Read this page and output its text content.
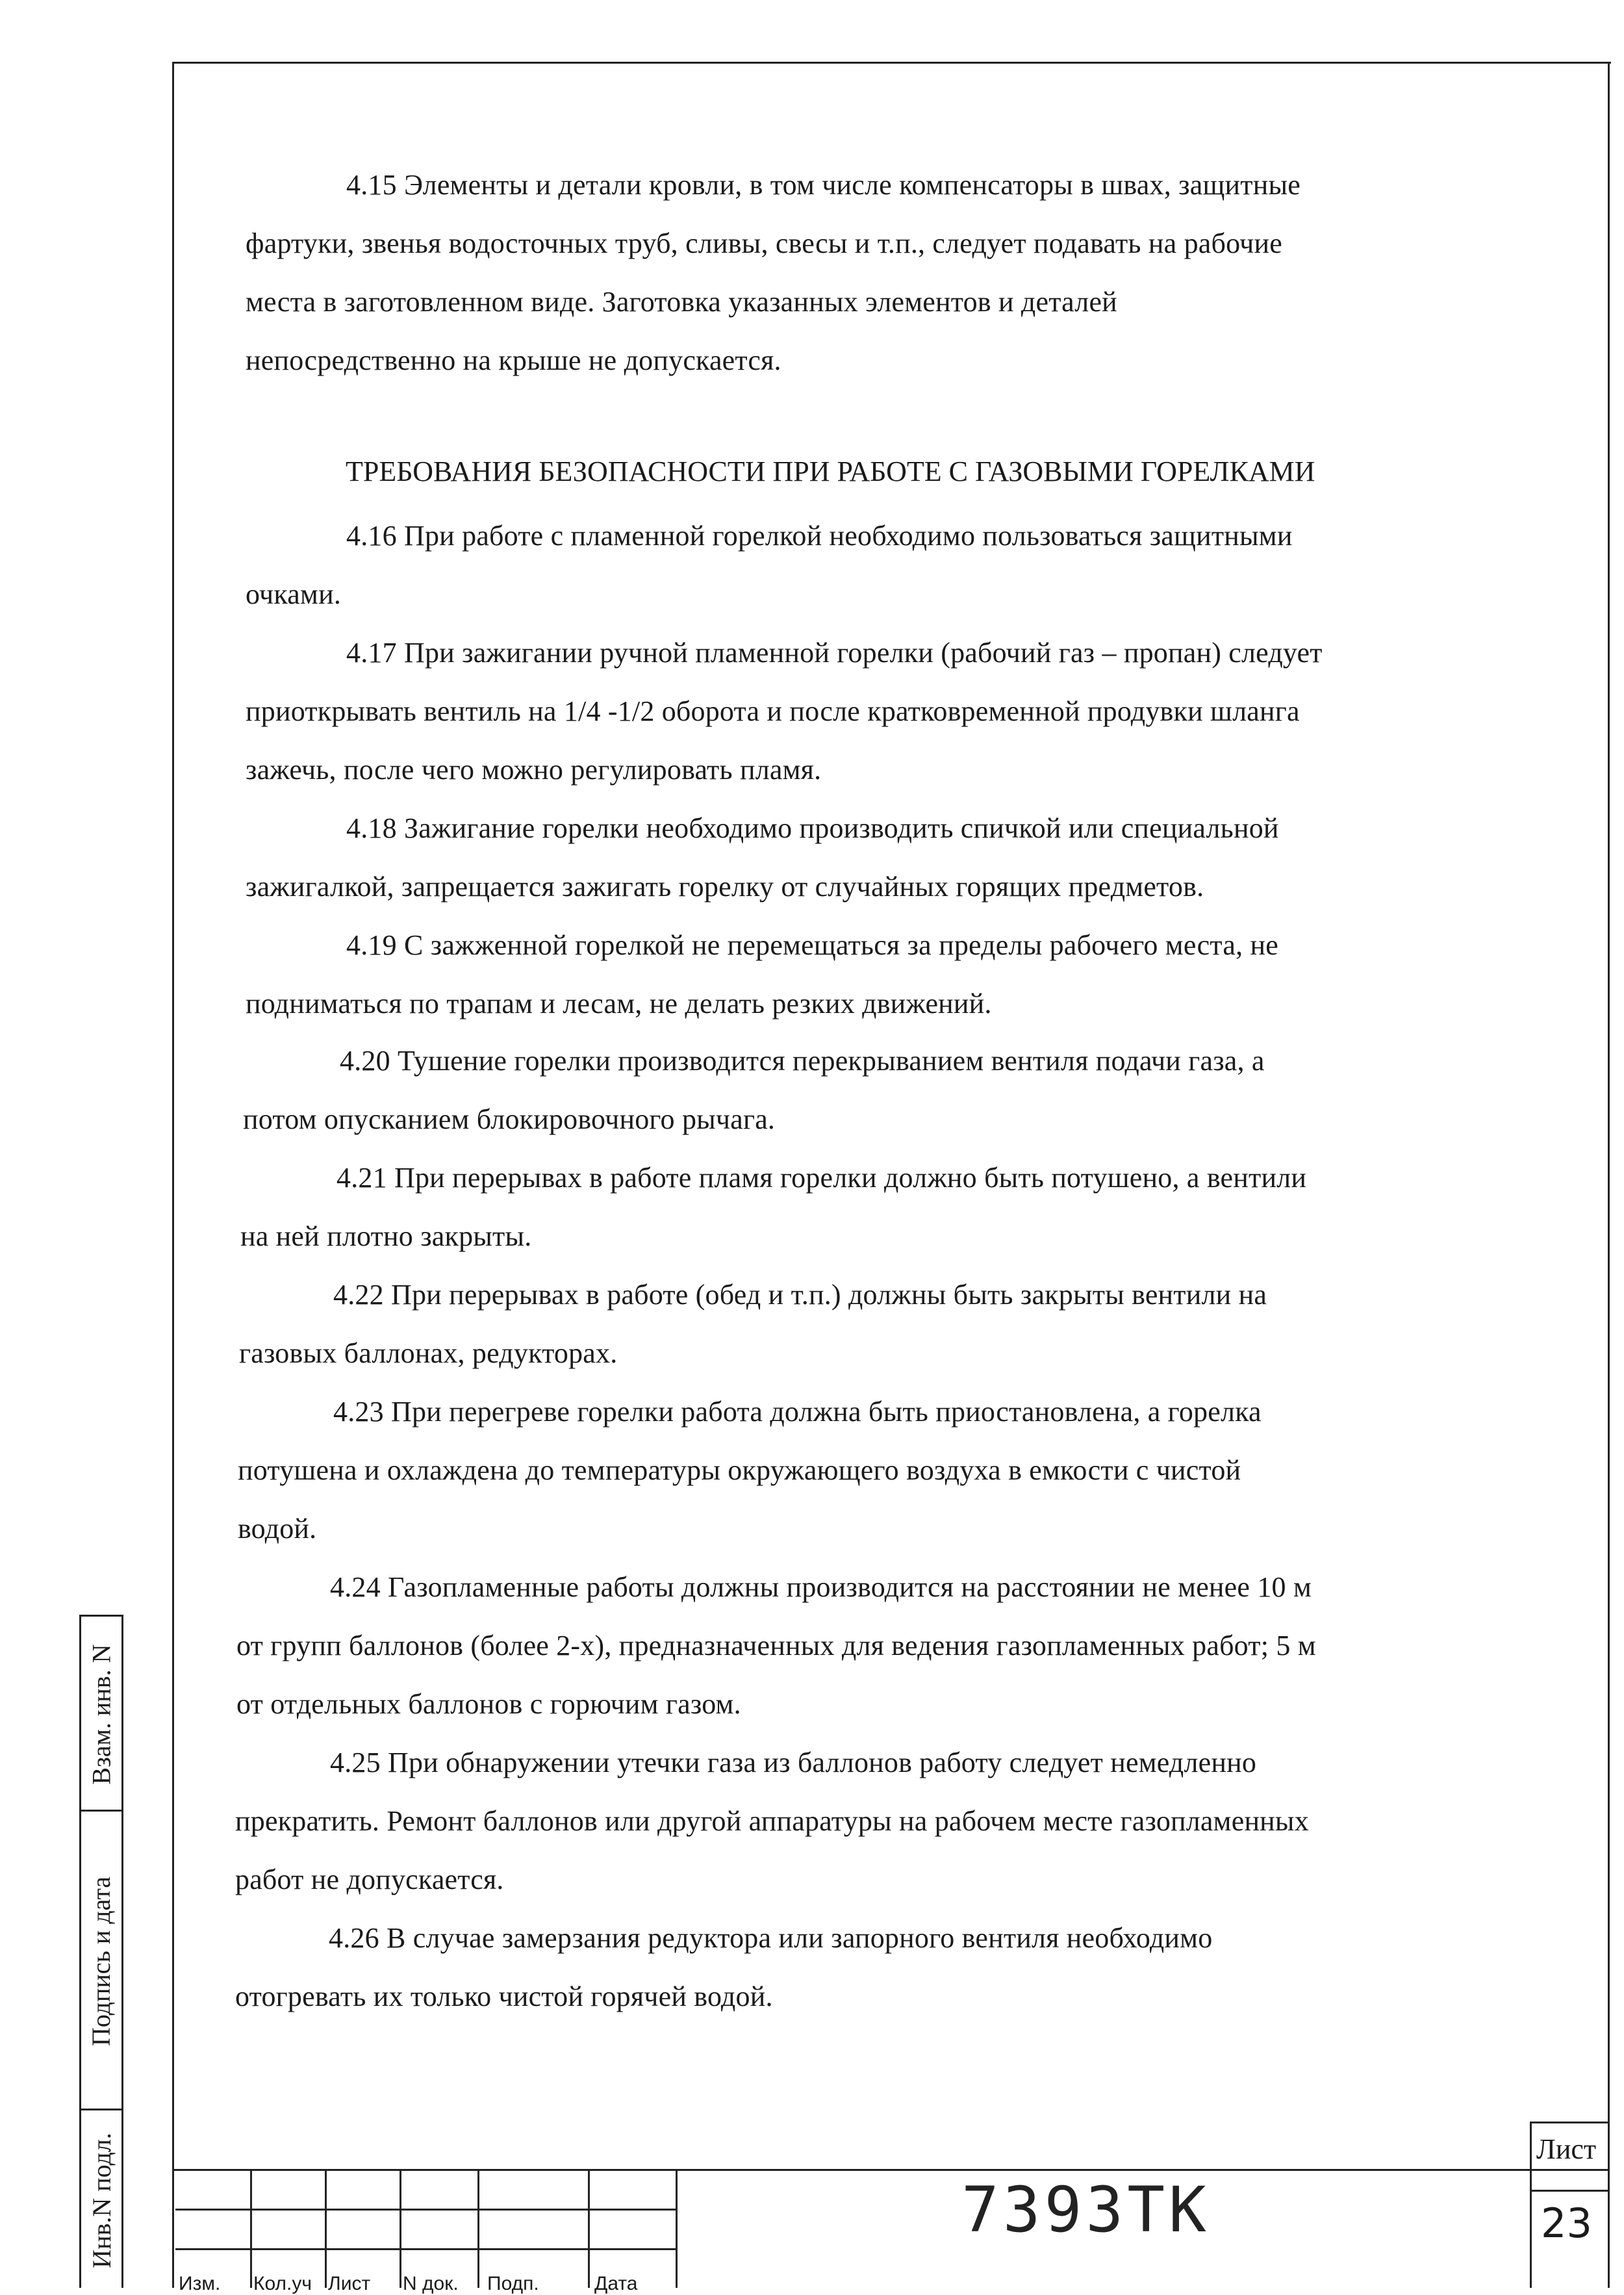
ТРЕБОВАНИЯ БЕЗОПАСНОСТИ ПРИ РАБОТЕ С ГАЗОВЫМИ ГОРЕЛКАМИ
4.15 Элементы и детали кровли, в том числе компенсаторы в швах, защитные
фартуки, звенья водосточных труб, сливы, свесы и т.п., следует подавать на рабочие
места в заготовленном виде. Заготовка указанных элементов и деталей
непосредственно на крыше не допускается.
4.16 При работе с пламенной горелкой необходимо пользоваться защитными
очками.
4.17 При зажигании ручной пламенной горелки (рабочий газ – пропан) следует
приоткрывать вентиль на 1/4 -1/2 оборота и после кратковременной продувки шланга
зажечь, после чего можно регулировать пламя.
4.18 Зажигание горелки необходимо производить спичкой или специальной
зажигалкой, запрещается зажигать горелку от случайных горящих предметов.
4.19 С зажженной горелкой не перемещаться за пределы рабочего места, не
подниматься по трапам и лесам, не делать резких движений.
4.20 Тушение горелки производится перекрыванием вентиля подачи газа, а
потом опусканием блокировочного рычага.
4.21 При перерывах в работе пламя горелки должно быть потушено, а вентили
на ней плотно закрыты.
4.22 При перерывах в работе (обед и т.п.) должны быть закрыты вентили на
газовых баллонах, редукторах.
4.23 При перегреве горелки работа должна быть приостановлена, а горелка
потушена и охлаждена до температуры окружающего воздуха в емкости с чистой
водой.
4.24 Газопламенные работы должны производится на расстоянии не менее 10 м
от групп баллонов (более 2-х), предназначенных для ведения газопламенных работ; 5 м
от отдельных баллонов с горючим газом.
4.25 При обнаружении утечки газа из баллонов работу следует немедленно
прекратить. Ремонт баллонов или другой аппаратуры на рабочем месте газопламенных
работ не допускается.
4.26 В случае замерзания редуктора или запорного вентиля необходимо
отогревать их только чистой горячей водой.
Взам. инв. N
Подпись и дата
Инв.N подл.
Изм. Кол.уч Лист N док. Подп.	Дата
7393ТК
Лист
23
